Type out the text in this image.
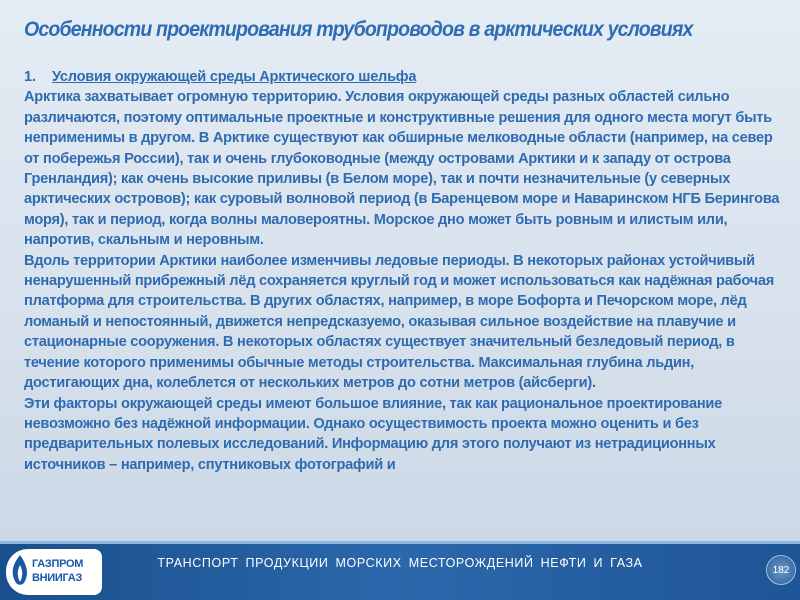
Особенности проектирования трубопроводов в арктических условиях
1.	Условия окружающей среды Арктического шельфа

Арктика захватывает огромную территорию. Условия окружающей среды разных областей сильно различаются, поэтому оптимальные проектные и конструктивные решения для одного места могут быть неприменимы в другом. В Арктике существуют как обширные мелководные области (например, на север от побережья России), так и очень глубоководные (между островами Арктики и к западу от острова Гренландия); как очень высокие приливы (в Белом море), так и почти незначительные (у северных арктических островов); как суровый волновой период (в Баренцевом море и Наваринском НГБ Берингова моря), так и период, когда волны маловероятны. Морское дно может быть ровным и илистым или, напротив, скальным и неровным.

Вдоль территории Арктики наиболее изменчивы ледовые периоды. В некоторых районах устойчивый ненарушенный прибрежный лёд сохраняется круглый год и может использоваться как надёжная рабочая платформа для строительства. В других областях, например, в море Бофорта и Печорском море, лёд ломаный и непостоянный, движется непредсказуемо, оказывая сильное воздействие на плавучие и стационарные сооружения. В некоторых областях существует значительный безледовый период, в течение которого применимы обычные методы строительства. Максимальная глубина льдин, достигающих дна, колеблется от нескольких метров до сотни метров (айсберги).

Эти факторы окружающей среды имеют большое влияние, так как рациональное проектирование невозможно без надёжной информации. Однако осуществимость проекта можно оценить и без предварительных полевых исследований. Информацию для этого получают из нетрадиционных источников – например, спутниковых фотографий и

ГАЗПРОМ
ВНИИГАЗ
ТРАНСПОРТ ПРОДУКЦИИ МОРСКИХ МЕСТОРОЖДЕНИЙ НЕФТИ И ГАЗА	182
